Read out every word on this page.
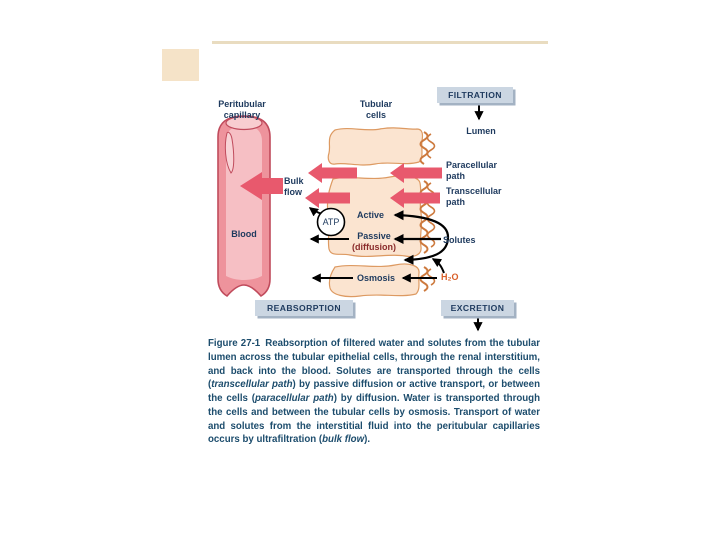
Peritubular capillary
Tubular cells
FILTRATION
Lumen
Paracellular path
Transcellular path
Bulk flow
Blood
ATP
Active
Passive
(diffusion)
Solutes
Osmosis	H₂O
REABSORPTION	EXCRETION
Figure 27-1 Reabsorption of filtered water and solutes from the tubular lumen across the tubular epithelial cells, through the renal interstitium, and back into the blood. Solutes are transported through the cells (transcellular path) by passive diffusion or active transport, or between the cells (paracellular path) by diffusion. Water is transported through the cells and between the tubular cells by osmosis. Transport of water and solutes from the interstitial fluid into the peritubular capillaries occurs by ultrafiltration (bulk flow).
